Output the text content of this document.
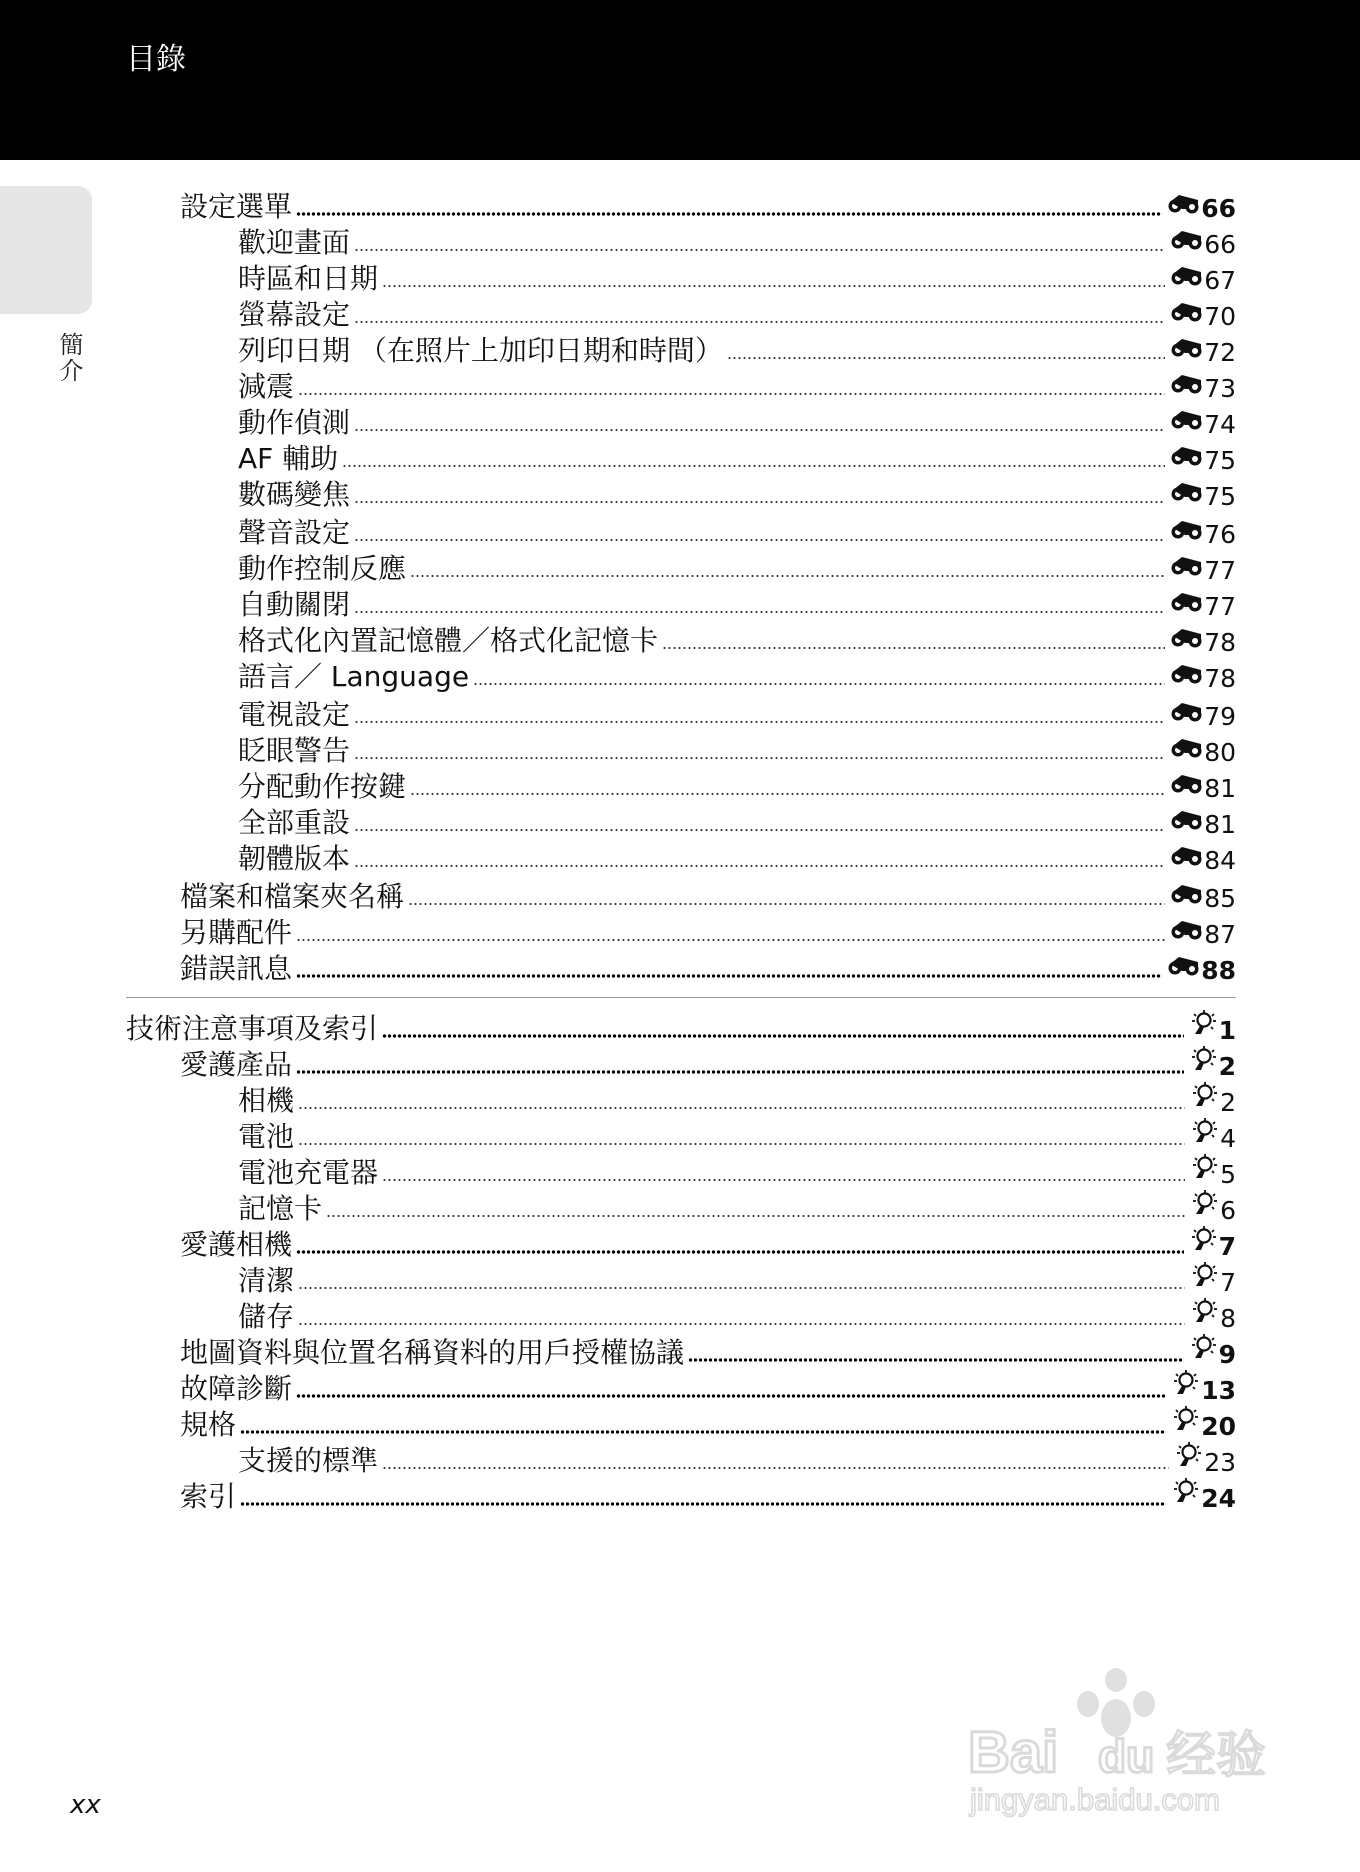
目錄
簡介
設定選單	66
歡迎畫面	66
時區和日期	67
螢幕設定	70
列印日期 （在照片上加印日期和時間）	72
減震	73
動作偵測	74
AF 輔助	75
數碼變焦	75
聲音設定	76
動作控制反應	77
自動關閉	77
格式化內置記憶體／格式化記憶卡	78
語言／ Language	78
電視設定	79
眨眼警告	80
分配動作按鍵	81
全部重設	81
韌體版本	84
檔案和檔案夾名稱	85
另購配件	87
錯誤訊息	88
技術注意事項及索引	1
愛護產品	2
相機	2
電池	4
電池充電器	5
記憶卡	6
愛護相機	7
清潔	7
儲存	8
地圖資料與位置名稱資料的用戶授權協議	9
故障診斷	13
規格	20
支援的標準	23
索引	24
xx
Bai du 经验
jingyan.baidu.com
